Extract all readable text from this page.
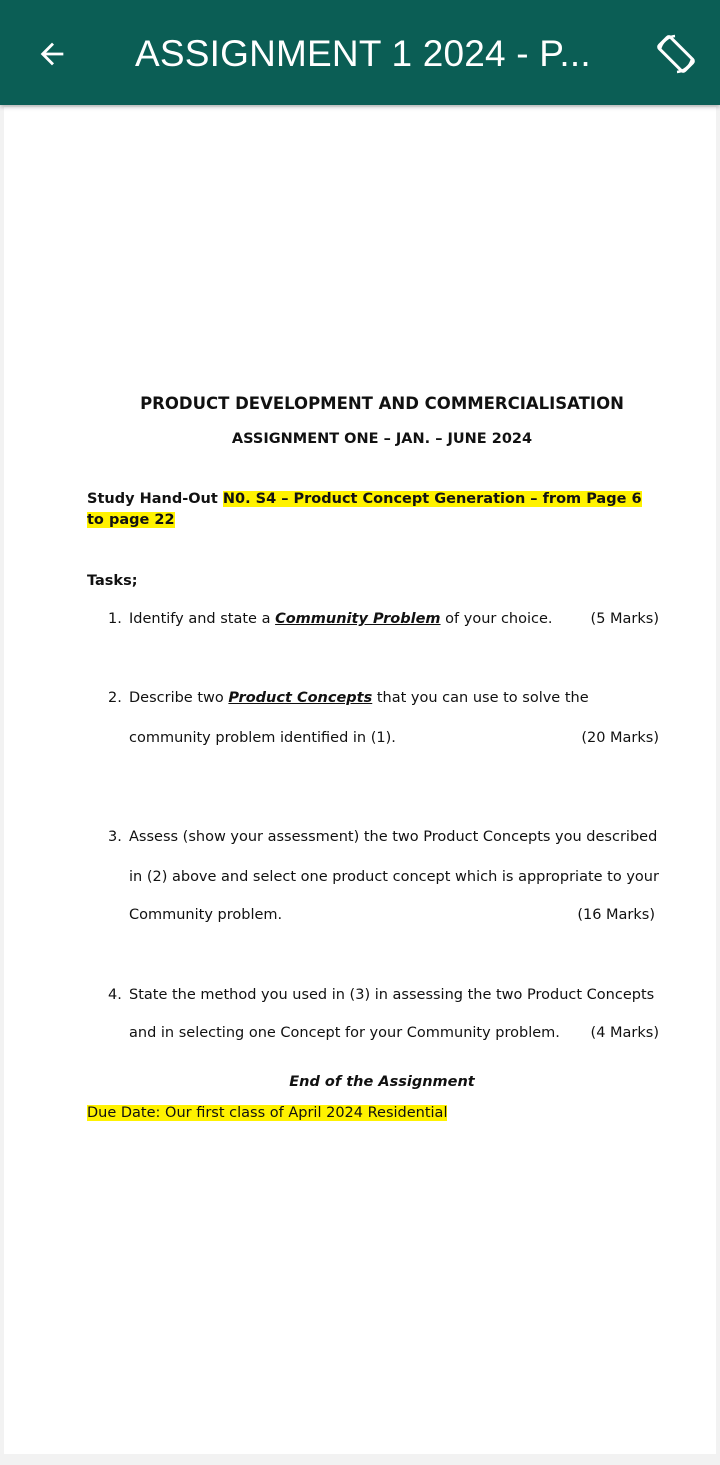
ASSIGNMENT 1 2024 - P...

PRODUCT DEVELOPMENT AND COMMERCIALISATION

ASSIGNMENT ONE – JAN. – JUNE 2024

Study Hand-Out N0. S4 – Product Concept Generation – from Page 6
to page 22
Tasks;
1. Identify and state a Community Problem of your choice.	(5 Marks)
2. Describe two Product Concepts that you can use to solve the
community problem identified in (1).	(20 Marks)
3. Assess (show your assessment) the two Product Concepts you described
in (2) above and select one product concept which is appropriate to your
Community problem.	(16 Marks)
4. State the method you used in (3) in assessing the two Product Concepts
and in selecting one Concept for your Community problem.	(4 Marks)
End of the Assignment
Due Date: Our first class of April 2024 Residential
